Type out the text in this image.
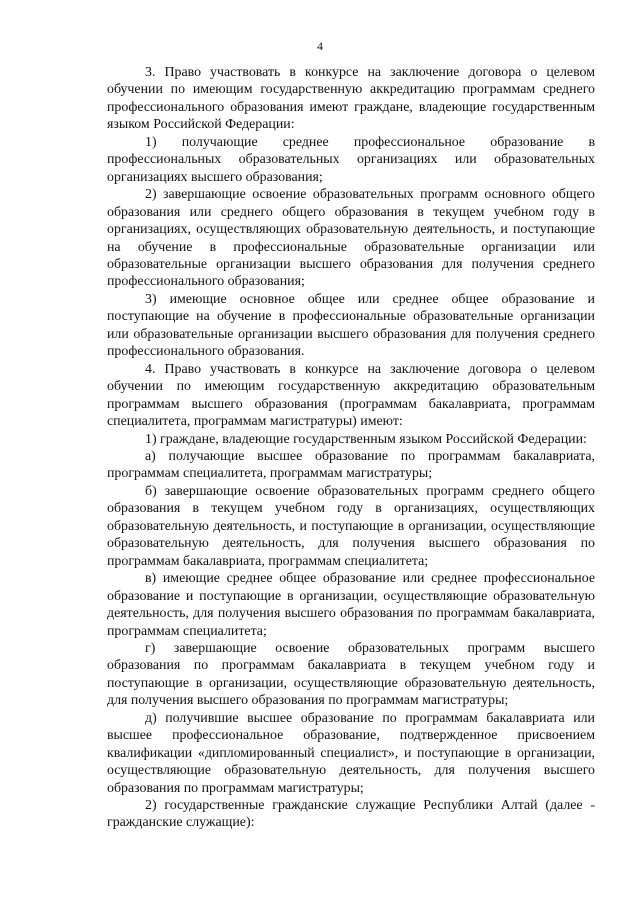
4

3. Право участвовать в конкурсе на заключение договора о целевом обучении по имеющим государственную аккредитацию программам среднего профессионального образования имеют граждане, владеющие государственным языком Российской Федерации:

1) получающие среднее профессиональное образование в профессиональных образовательных организациях или образовательных организациях высшего образования;

2) завершающие освоение образовательных программ основного общего образования или среднего общего образования в текущем учебном году в организациях, осуществляющих образовательную деятельность, и поступающие на обучение в профессиональные образовательные организации или образовательные организации высшего образования для получения среднего профессионального образования;

3) имеющие основное общее или среднее общее образование и поступающие на обучение в профессиональные образовательные организации или образовательные организации высшего образования для получения среднего профессионального образования.

4. Право участвовать в конкурсе на заключение договора о целевом обучении по имеющим государственную аккредитацию образовательным программам высшего образования (программам бакалавриата, программам специалитета, программам магистратуры) имеют:

1) граждане, владеющие государственным языком Российской Федерации:

а) получающие высшее образование по программам бакалавриата, программам специалитета, программам магистратуры;

б) завершающие освоение образовательных программ среднего общего образования в текущем учебном году в организациях, осуществляющих образовательную деятельность, и поступающие в организации, осуществляющие образовательную деятельность, для получения высшего образования по программам бакалавриата, программам специалитета;

в) имеющие среднее общее образование или среднее профессиональное образование и поступающие в организации, осуществляющие образовательную деятельность, для получения высшего образования по программам бакалавриата, программам специалитета;

г) завершающие освоение образовательных программ высшего образования по программам бакалавриата в текущем учебном году и поступающие в организации, осуществляющие образовательную деятельность, для получения высшего образования по программам магистратуры;

д) получившие высшее образование по программам бакалавриата или высшее профессиональное образование, подтвержденное присвоением квалификации «дипломированный специалист», и поступающие в организации, осуществляющие образовательную деятельность, для получения высшего образования по программам магистратуры;

2) государственные гражданские служащие Республики Алтай (далее - гражданские служащие):
